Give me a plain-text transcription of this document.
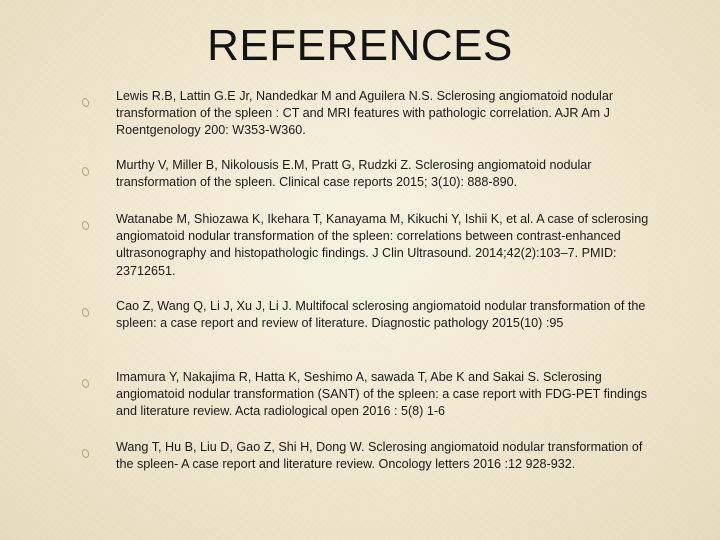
REFERENCES
Lewis R.B, Lattin G.E Jr, Nandedkar M and Aguilera N.S. Sclerosing angiomatoid nodular transformation of the spleen : CT and MRI features with pathologic correlation. AJR Am J Roentgenology 200: W353-W360.
Murthy V, Miller B, Nikolousis E.M, Pratt G, Rudzki Z. Sclerosing angiomatoid nodular transformation of the spleen. Clinical case reports 2015; 3(10): 888-890.
Watanabe M, Shiozawa K, Ikehara T, Kanayama M, Kikuchi Y, Ishii K, et al. A case of sclerosing angiomatoid nodular transformation of the spleen: correlations between contrast-enhanced ultrasonography and histopathologic findings. J Clin Ultrasound. 2014;42(2):103–7. PMID: 23712651.
Cao Z, Wang Q, Li J, Xu J, Li J. Multifocal sclerosing angiomatoid nodular transformation of the spleen: a case report and review of literature. Diagnostic pathology 2015(10) :95
Imamura Y, Nakajima R, Hatta K, Seshimo A, sawada T, Abe K and Sakai S. Sclerosing angiomatoid nodular transformation (SANT) of the spleen: a case report with FDG-PET findings and literature review. Acta radiological open 2016 : 5(8) 1-6
Wang T, Hu B, Liu D, Gao Z, Shi H, Dong W. Sclerosing angiomatoid nodular transformation of the spleen- A case report and literature review. Oncology letters 2016 :12 928-932.
